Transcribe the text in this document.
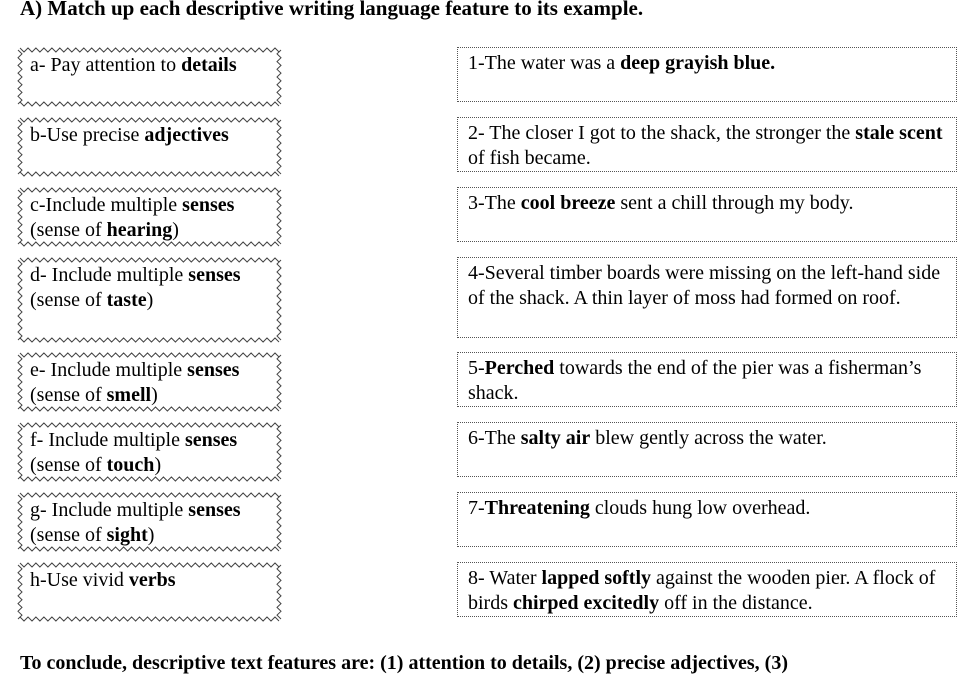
A) Match up each descriptive writing language feature to its example.
a- Pay attention to details
b-Use precise adjectives
c-Include multiple senses (sense of hearing)
d- Include multiple senses (sense of taste)
e- Include multiple senses (sense of smell)
f- Include multiple senses (sense of touch)
g- Include multiple senses (sense of sight)
h-Use vivid verbs
1-The water was a deep grayish blue.
2- The closer I got to the shack, the stronger the stale scent of fish became.
3-The cool breeze sent a chill through my body.
4-Several timber boards were missing on the left-hand side of the shack. A thin layer of moss had formed on roof.
5-Perched towards the end of the pier was a fisherman’s shack.
6-The salty air blew gently across the water.
7-Threatening clouds hung low overhead.
8- Water lapped softly against the wooden pier. A flock of birds chirped excitedly off in the distance.
To conclude, descriptive text features are: (1) attention to details, (2) precise adjectives, (3)
